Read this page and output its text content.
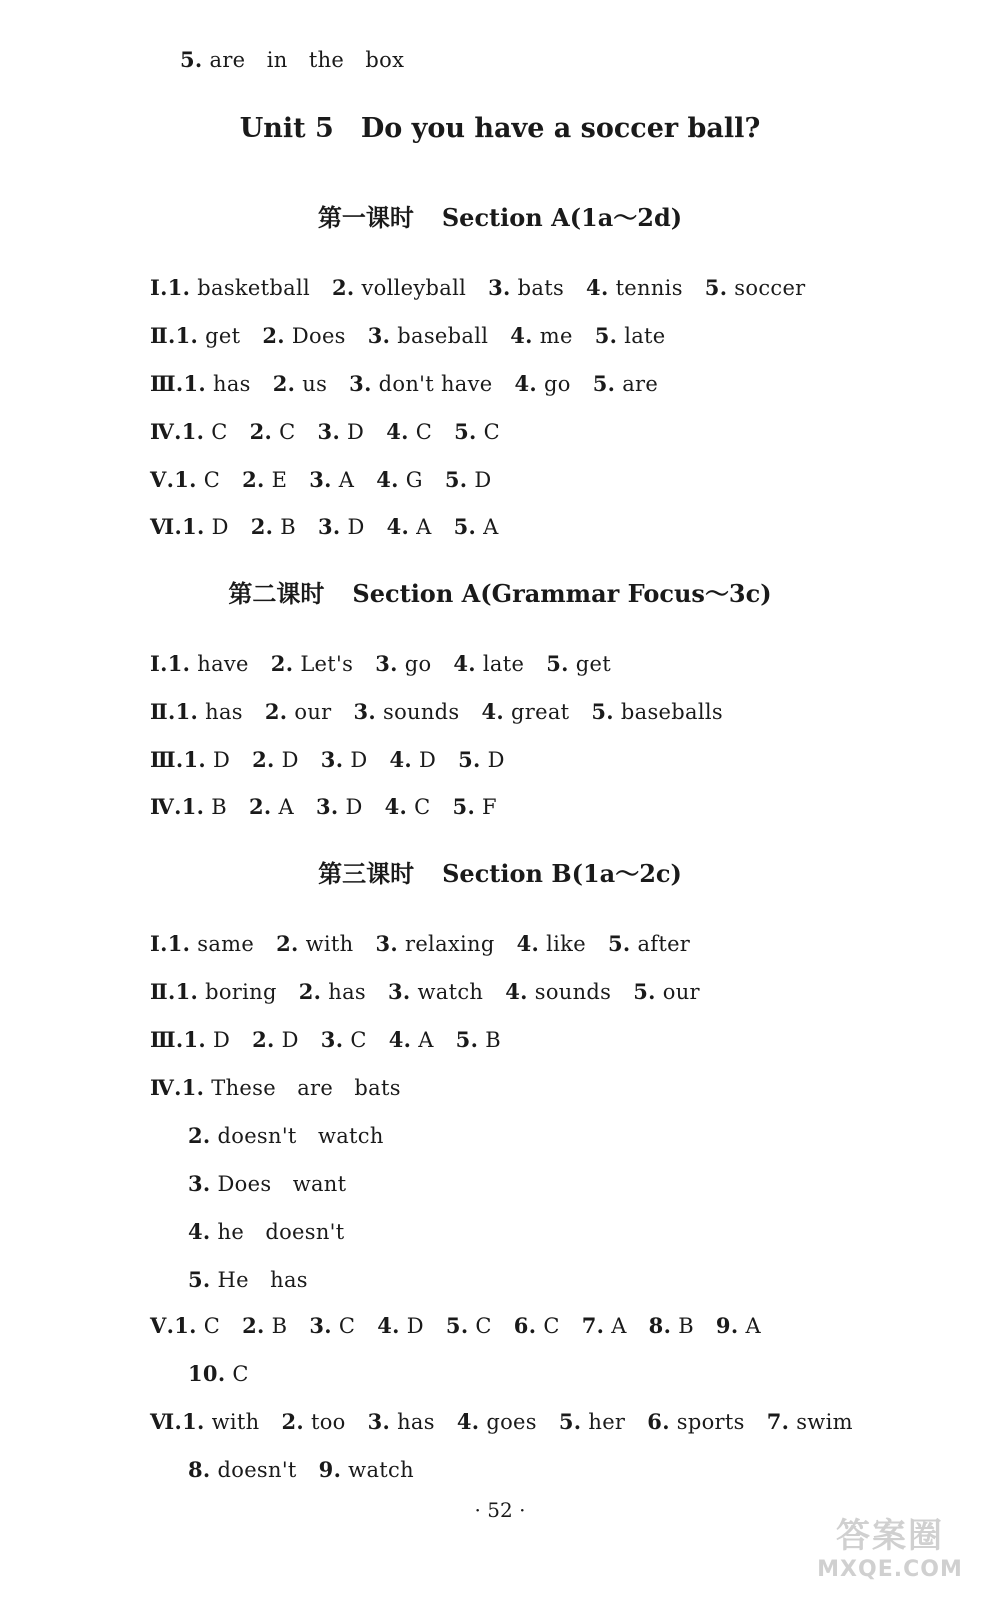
5. are　in　the　box
Unit 5　Do you have a soccer ball?
第一课时 Section A(1a～2d)
Ⅰ.1. basketball 2. volleyball 3. bats 4. tennis 5. soccer
Ⅱ.1. get 2. Does 3. baseball 4. me 5. late
Ⅲ.1. has 2. us 3. don't have 4. go 5. are
Ⅳ.1. C 2. C 3. D 4. C 5. C
Ⅴ.1. C 2. E 3. A 4. G 5. D
Ⅵ.1. D 2. B 3. D 4. A 5. A
第二课时 Section A(Grammar Focus～3c)
Ⅰ.1. have 2. Let's 3. go 4. late 5. get
Ⅱ.1. has 2. our 3. sounds 4. great 5. baseballs
Ⅲ.1. D 2. D 3. D 4. D 5. D
Ⅳ.1. B 2. A 3. D 4. C 5. F
第三课时 Section B(1a～2c)
Ⅰ.1. same 2. with 3. relaxing 4. like 5. after
Ⅱ.1. boring 2. has 3. watch 4. sounds 5. our
Ⅲ.1. D 2. D 3. C 4. A 5. B
Ⅳ.1. These　are　bats
2. doesn't　watch
3. Does　want
4. he　doesn't
5. He　has
Ⅴ.1. C 2. B 3. C 4. D 5. C 6. C 7. A 8. B 9. A
10. C
Ⅵ.1. with 2. too 3. has 4. goes 5. her 6. sports 7. swim
8. doesn't 9. watch
· 52 ·
答案圈
MXQE.COM
